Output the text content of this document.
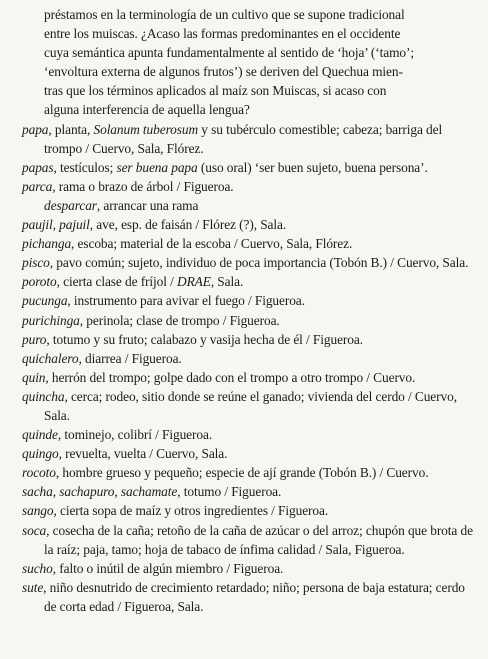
préstamos en la terminología de un cultivo que se supone tradicional
entre los muiscas. ¿Acaso las formas predominantes en el occidente
cuya semántica apunta fundamentalmente al sentido de ‘hoja’ (‘tamo’;
‘envoltura externa de algunos frutos’) se deriven del Quechua mien-
tras que los términos aplicados al maíz son Muiscas, si acaso con
alguna interferencia de aquella lengua?
papa, planta, Solanum tuberosum y su tubérculo comestible; cabeza; barriga del trompo / Cuervo, Sala, Flórez.
papas, testículos; ser buena papa (uso oral) ‘ser buen sujeto, buena persona’.
parca, rama o brazo de árbol / Figueroa.
desparcar, arrancar una rama
paujil, pajuil, ave, esp. de faisán / Flórez (?), Sala.
pichanga, escoba; material de la escoba / Cuervo, Sala, Flórez.
pisco, pavo común; sujeto, individuo de poca importancia (Tobón B.) / Cuervo, Sala.
poroto, cierta clase de fríjol / DRAE, Sala.
pucunga, instrumento para avivar el fuego / Figueroa.
purichinga, perinola; clase de trompo / Figueroa.
puro, totumo y su fruto; calabazo y vasija hecha de él / Figueroa.
quichalero, diarrea / Figueroa.
quin, herrón del trompo; golpe dado con el trompo a otro trompo / Cuervo.
quincha, cerca; rodeo, sitio donde se reúne el ganado; vivienda del cerdo / Cuervo, Sala.
quinde, tominejo, colibrí / Figueroa.
quingo, revuelta, vuelta / Cuervo, Sala.
rocoto, hombre grueso y pequeño; especie de ají grande (Tobón B.) / Cuervo.
sacha, sachapuro, sachamate, totumo / Figueroa.
sango, cierta sopa de maíz y otros ingredientes / Figueroa.
soca, cosecha de la caña; retoño de la caña de azúcar o del arroz; chupón que brota de la raíz; paja, tamo; hoja de tabaco de ínfima calidad / Sala, Figueroa.
sucho, falto o inútil de algún miembro / Figueroa.
sute, niño desnutrido de crecimiento retardado; niño; persona de baja estatura; cerdo de corta edad / Figueroa, Sala.
